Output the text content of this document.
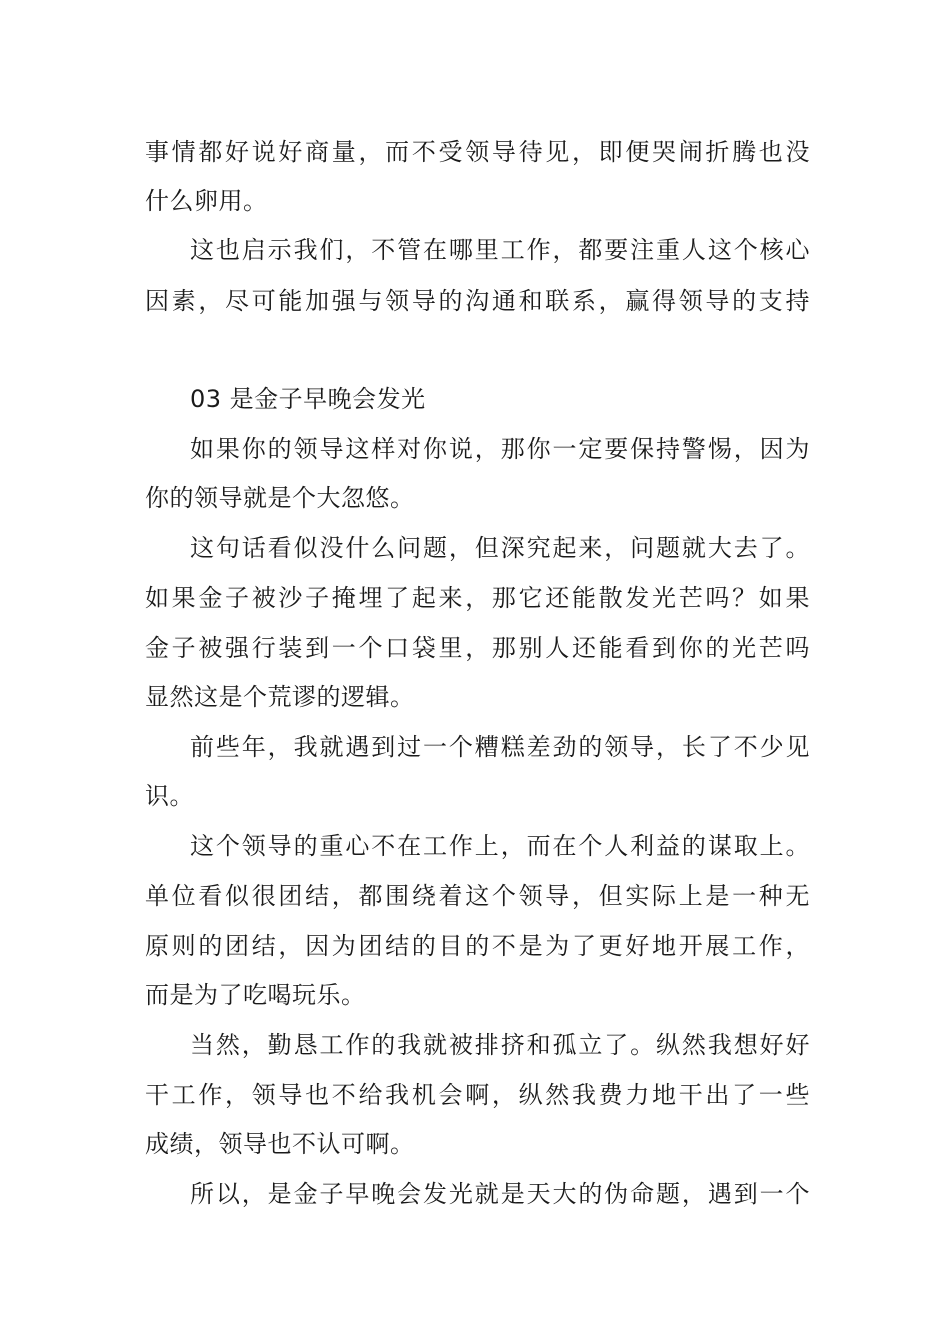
事情都好说好商量，而不受领导待见，即便哭闹折腾也没
什么卵用。
这也启示我们，不管在哪里工作，都要注重人这个核心
因素，尽可能加强与领导的沟通和联系，赢得领导的支持
03 是金子早晚会发光
如果你的领导这样对你说，那你一定要保持警惕，因为
你的领导就是个大忽悠。
这句话看似没什么问题，但深究起来，问题就大去了。
如果金子被沙子掩埋了起来，那它还能散发光芒吗？如果
金子被强行装到一个口袋里，那别人还能看到你的光芒吗
显然这是个荒谬的逻辑。
前些年，我就遇到过一个糟糕差劲的领导，长了不少见
识。
这个领导的重心不在工作上，而在个人利益的谋取上。
单位看似很团结，都围绕着这个领导，但实际上是一种无
原则的团结，因为团结的目的不是为了更好地开展工作，
而是为了吃喝玩乐。
当然，勤恳工作的我就被排挤和孤立了。纵然我想好好
干工作，领导也不给我机会啊，纵然我费力地干出了一些
成绩，领导也不认可啊。
所以，是金子早晚会发光就是天大的伪命题，遇到一个
